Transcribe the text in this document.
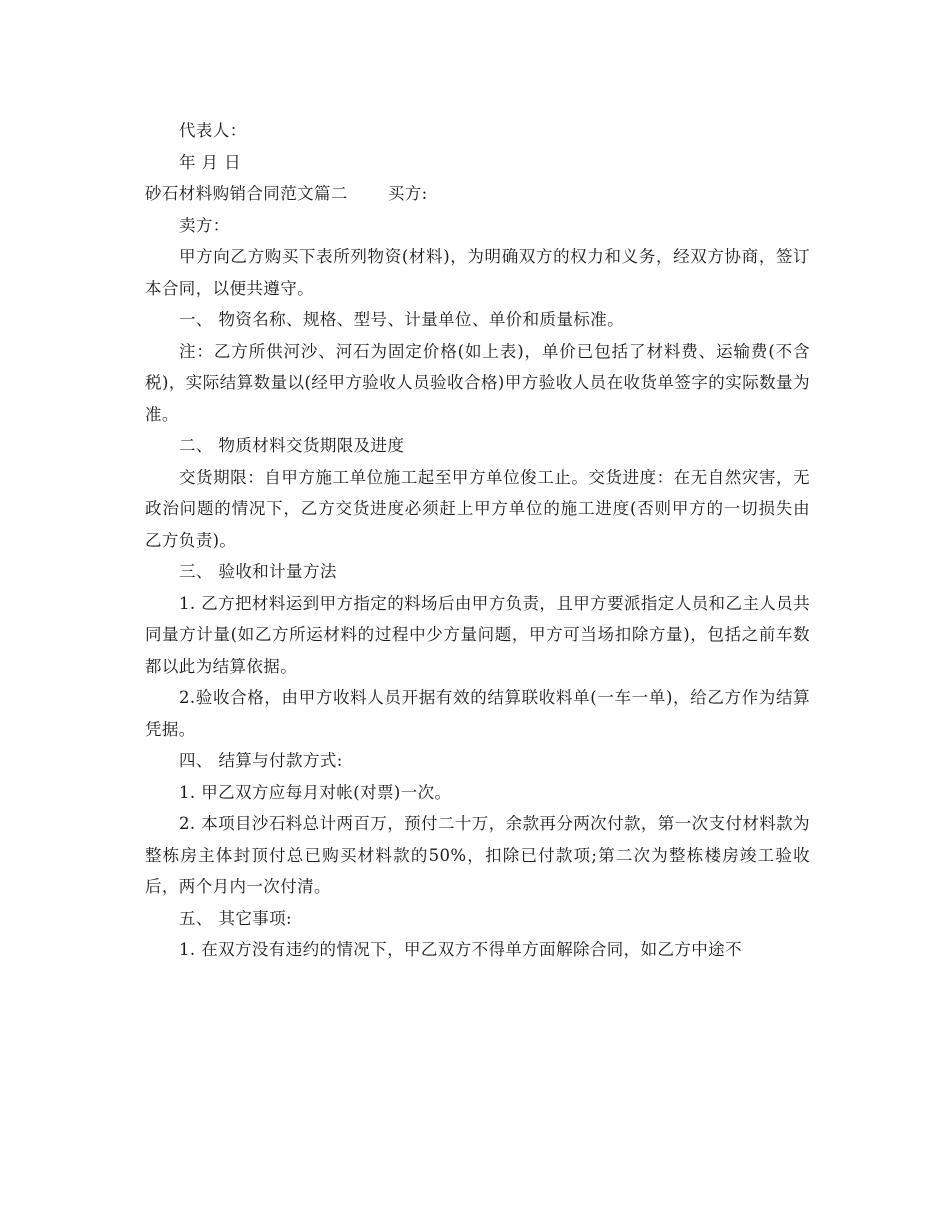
代表人：

年 月 日

砂石材料购销合同范文篇二 买方:

卖方：

甲方向乙方购买下表所列物资(材料)，为明确双方的权力和义务，经双方协商，签订本合同，以便共遵守。

一、 物资名称、规格、型号、计量单位、单价和质量标准。

注：乙方所供河沙、河石为固定价格(如上表)，单价已包括了材料费、运输费(不含税)，实际结算数量以(经甲方验收人员验收合格)甲方验收人员在收货单签字的实际数量为准。

二、 物质材料交货期限及进度

交货期限：自甲方施工单位施工起至甲方单位俊工止。交货进度：在无自然灾害，无政治问题的情况下，乙方交货进度必须赶上甲方单位的施工进度(否则甲方的一切损失由乙方负责)。

三、 验收和计量方法

1. 乙方把材料运到甲方指定的料场后由甲方负责，且甲方要派指定人员和乙主人员共同量方计量(如乙方所运材料的过程中少方量问题，甲方可当场扣除方量)，包括之前车数都以此为结算依据。

2.验收合格，由甲方收料人员开据有效的结算联收料单(一车一单)，给乙方作为结算凭据。

四、 结算与付款方式:

1. 甲乙双方应每月对帐(对票)一次。

2. 本项目沙石料总计两百万，预付二十万，余款再分两次付款，第一次支付材料款为整栋房主体封顶付总已购买材料款的50%，扣除已付款项;第二次为整栋楼房竣工验收后，两个月内一次付清。

五、 其它事项:

1. 在双方没有违约的情况下，甲乙双方不得单方面解除合同，如乙方中途不
